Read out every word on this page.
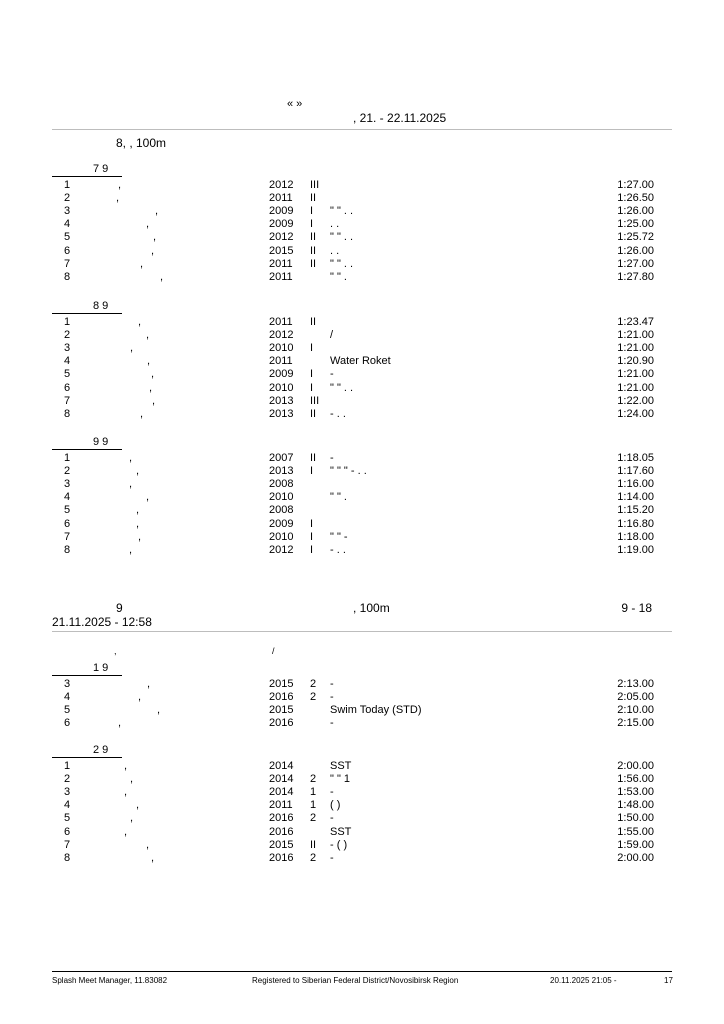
« »
, 21. - 22.11.2025
8, , 100m
7 9
1	,	2012 III	1:27.00
2	,	2011 II	1:26.50
3	,	2009 I " " . .	1:26.00
4	,	2009 I . .	1:25.00
5	,	2012 II " " . .	1:25.72
6	,	2015 II . .	1:26.00
7	,	2011 II " " . .	1:27.00
8	,	2011	" " .	1:27.80
8 9
1	,	2011 II	1:23.47
2	,	2012	/	1:21.00
3	,	2010 I	1:21.00
4	,	2011	Water Roket	1:20.90
5	,	2009 I -	1:21.00
6	,	2010 I " " . .	1:21.00
7	,	2013 III	1:22.00
8	,	2013 II - . .	1:24.00
9 9
1	,	2007 II -	1:18.05
2	,	2013 I " " " - . .	1:17.60
3	,	2008	1:16.00
4	,	2010	" " .	1:14.00
5	,	2008	1:15.20
6	,	2009 I	1:16.80
7	,	2010 I " " -	1:18.00
8	,	2012 I - . .	1:19.00
9	, 100m	9 - 18
21.11.2025 - 12:58
,	/
1 9
3	,	2015 2 -	2:13.00
4	,	2016 2 -	2:05.00
5	,	2015	Swim Today (STD)	2:10.00
6	,	2016	-	2:15.00
2 9
1	,	2014	SST	2:00.00
2	,	2014 2 " " 1	1:56.00
3	,	2014 1 -	1:53.00
4	,	2011 1 ( )	1:48.00
5	,	2016 2 -	1:50.00
6	,	2016	SST	1:55.00
7	,	2015 II - ( )	1:59.00
8	,	2016 2 -	2:00.00
Splash Meet Manager, 11.83082	Registered to Siberian Federal District/Novosibirsk Region	20.11.2025 21:05 -	17
